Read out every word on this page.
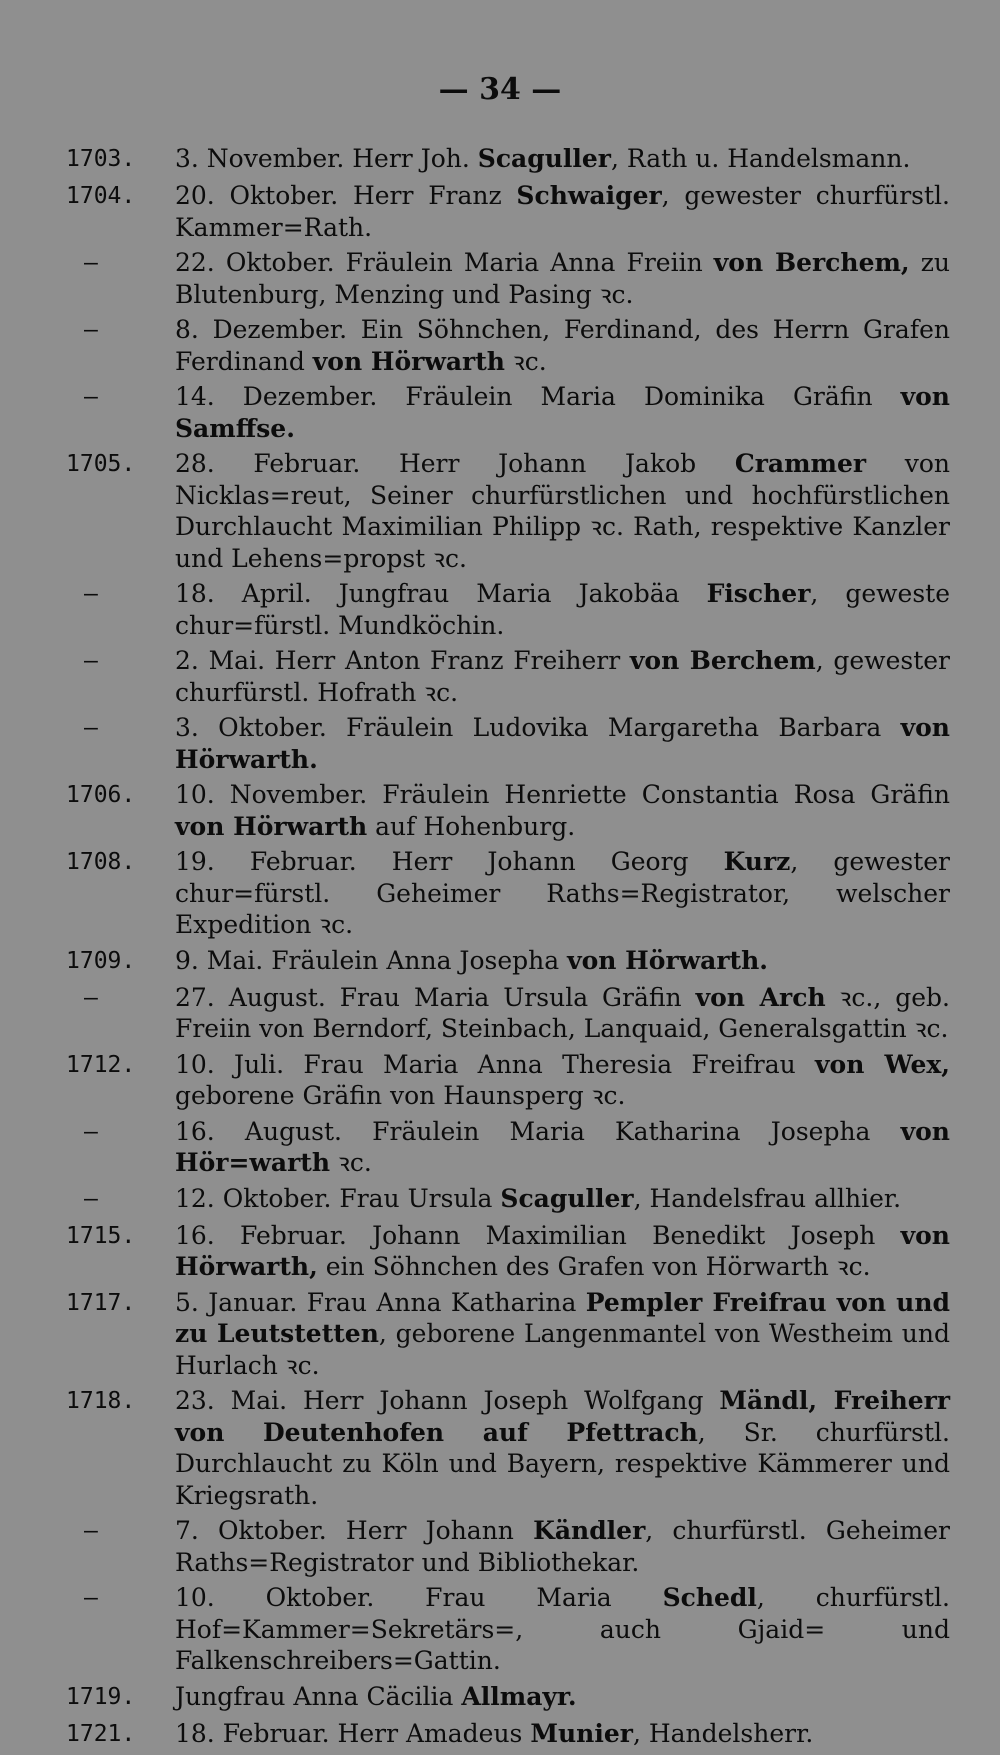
— 34 —
1703.	3. November. Herr Joh. Scaguller, Rath u. Handelsmann.
1704.	20. Oktober. Herr Franz Schwaiger, gewester churfürstl. Kammer=Rath.
—	22. Oktober. Fräulein Maria Anna Freiin von Berchem, zu Blutenburg, Menzing und Pasing ꝛc.
—	8. Dezember. Ein Söhnchen, Ferdinand, des Herrn Grafen Ferdinand von Hörwarth ꝛc.
—	14. Dezember. Fräulein Maria Dominika Gräfin von Samffse.
1705.	28. Februar. Herr Johann Jakob Crammer von Nicklas=reut, Seiner churfürstlichen und hochfürstlichen Durchlaucht Maximilian Philipp ꝛc. Rath, respektive Kanzler und Lehens=propst ꝛc.
—	18. April. Jungfrau Maria Jakobäa Fischer, geweste chur=fürstl. Mundköchin.
—	2. Mai. Herr Anton Franz Freiherr von Berchem, gewester churfürstl. Hofrath ꝛc.
—	3. Oktober. Fräulein Ludovika Margaretha Barbara von Hörwarth.
1706.	10. November. Fräulein Henriette Constantia Rosa Gräfin von Hörwarth auf Hohenburg.
1708.	19. Februar. Herr Johann Georg Kurz, gewester chur=fürstl. Geheimer Raths=Registrator, welscher Expedition ꝛc.
1709.	9. Mai. Fräulein Anna Josepha von Hörwarth.
—	27. August. Frau Maria Ursula Gräfin von Arch ꝛc., geb. Freiin von Berndorf, Steinbach, Lanquaid, Generalsgattin ꝛc.
1712.	10. Juli. Frau Maria Anna Theresia Freifrau von Wex, geborene Gräfin von Haunsperg ꝛc.
—	16. August. Fräulein Maria Katharina Josepha von Hör=warth ꝛc.
—	12. Oktober. Frau Ursula Scaguller, Handelsfrau allhier.
1715.	16. Februar. Johann Maximilian Benedikt Joseph von Hörwarth, ein Söhnchen des Grafen von Hörwarth ꝛc.
1717.	5. Januar. Frau Anna Katharina Pempler Freifrau von und zu Leutstetten, geborene Langenmantel von Westheim und Hurlach ꝛc.
1718.	23. Mai. Herr Johann Joseph Wolfgang Mändl, Freiherr von Deutenhofen auf Pfettrach, Sr. churfürstl. Durchlaucht zu Köln und Bayern, respektive Kämmerer und Kriegsrath.
—	7. Oktober. Herr Johann Kändler, churfürstl. Geheimer Raths=Registrator und Bibliothekar.
—	10. Oktober. Frau Maria Schedl, churfürstl. Hof=Kammer=Sekretärs=, auch Gjaid= und Falkenschreibers=Gattin.
1719.	Jungfrau Anna Cäcilia Allmayr.
1721.	18. Februar. Herr Amadeus Munier, Handelsherr.
